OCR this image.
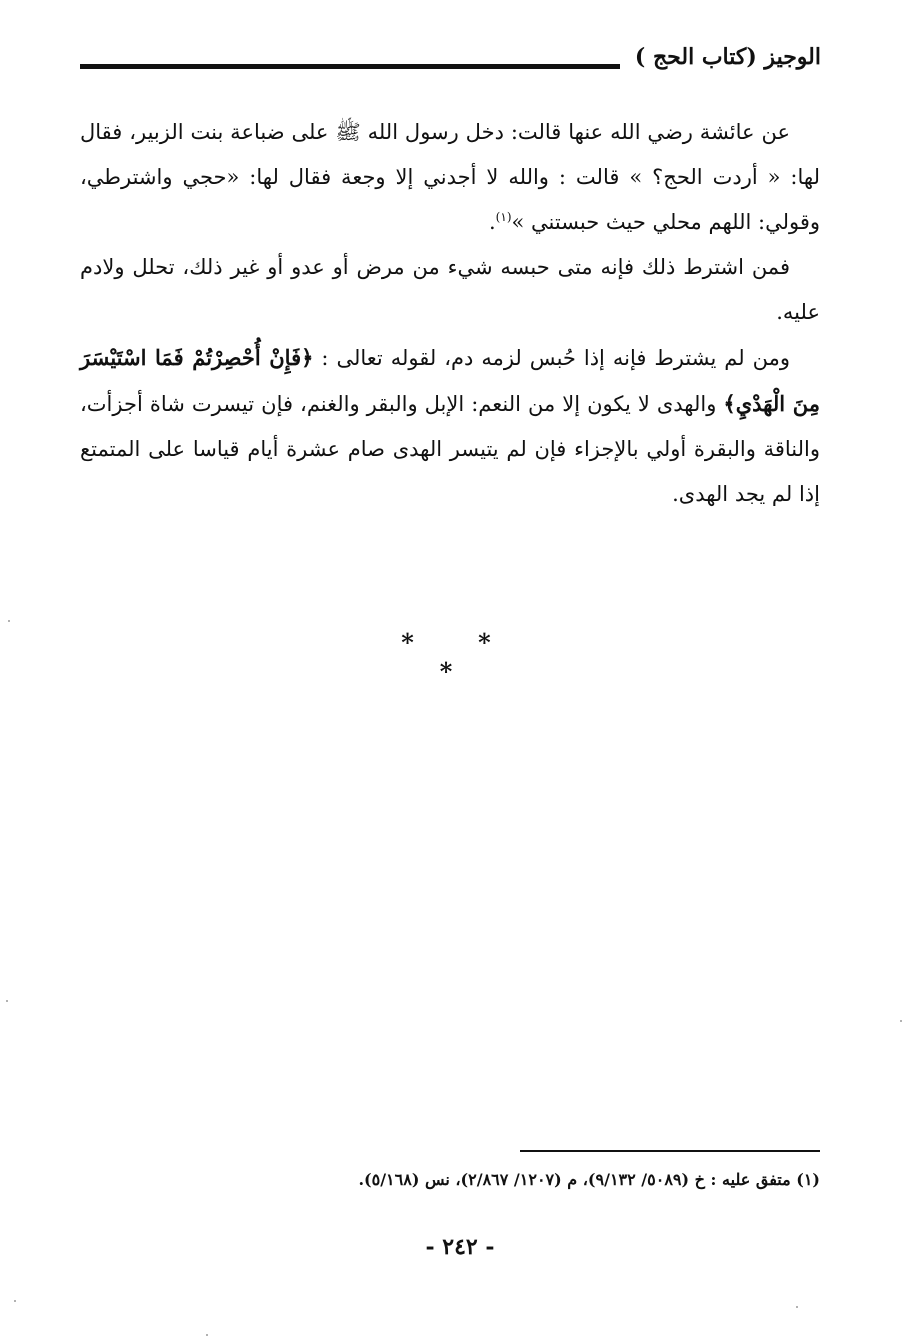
الوجيز (كتاب الحج )

عن عائشة رضي الله عنها قالت: دخل رسول الله ﷺ على ضباعة بنت الزبير، فقال لها: « أردت الحج؟ » قالت : والله لا أجدني إلا وجعة فقال لها: «حجي واشترطي، وقولي: اللهم محلي حيث حبستني »$^{(١)}$.

فمن اشترط ذلك فإنه متى حبسه شيء من مرض أو عدو أو غير ذلك، تحلل ولادم عليه.

ومن لم يشترط فإنه إذا حُبس لزمه دم، لقوله تعالى : ﴿فَإِنْ أُحْصِرْتُمْ فَمَا اسْتَيْسَرَ مِنَ الْهَدْيِ﴾ والهدى لا يكون إلا من النعم: الإبل والبقر والغنم، فإن تيسرت شاة أجزأت، والناقة والبقرة أولي بالإجزاء فإن لم يتيسر الهدى صام عشرة أيام قياسا على المتمتع إذا لم يجد الهدى.

* * *
(١) متفق عليه : خ (٥٠٨٩/ ٩/١٣٢)، م (١٢٠٧/ ٢/٨٦٧)، نس (٥/١٦٨).
- ٢٤٢ -
